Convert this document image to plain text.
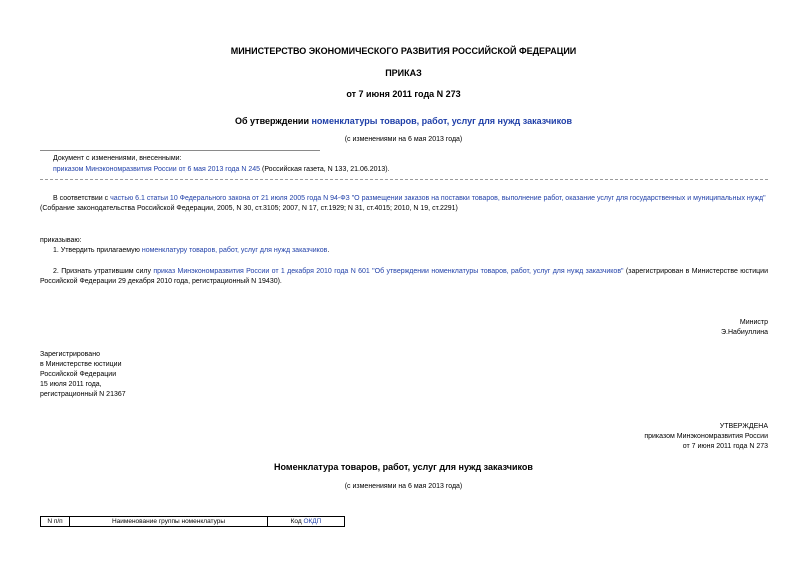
МИНИСТЕРСТВО ЭКОНОМИЧЕСКОГО РАЗВИТИЯ РОССИЙСКОЙ ФЕДЕРАЦИИ
ПРИКАЗ
от 7 июня 2011 года N 273
Об утверждении номенклатуры товаров, работ, услуг для нужд заказчиков
(с изменениями на 6 мая 2013 года)
Документ с изменениями, внесенными:
приказом Минэкономразвития России от 6 мая 2013 года N 245 (Российская газета, N 133, 21.06.2013).
В соответствии с частью 6.1 статьи 10 Федерального закона от 21 июля 2005 года N 94-ФЗ "О размещении заказов на поставки товаров, выполнение работ, оказание услуг для государственных и муниципальных нужд" (Собрание законодательства Российской Федерации, 2005, N 30, ст.3105; 2007, N 17, ст.1929; N 31, ст.4015; 2010, N 19, ст.2291)
приказываю:
1. Утвердить прилагаемую номенклатуру товаров, работ, услуг для нужд заказчиков.
2. Признать утратившим силу приказ Минэкономразвития России от 1 декабря 2010 года N 601 "Об утверждении номенклатуры товаров, работ, услуг для нужд заказчиков" (зарегистрирован в Министерстве юстиции Российской Федерации 29 декабря 2010 года, регистрационный N 19430).
Министр
Э.Набиуллина
Зарегистрировано
в Министерстве юстиции
Российской Федерации
15 июля 2011 года,
регистрационный N 21367
УТВЕРЖДЕНА
приказом Минэкономразвития России
от 7 июня 2011 года N 273
Номенклатура товаров, работ, услуг для нужд заказчиков
(с изменениями на 6 мая 2013 года)
N п/п	Наименование группы номенклатуры	Код ОКДП
